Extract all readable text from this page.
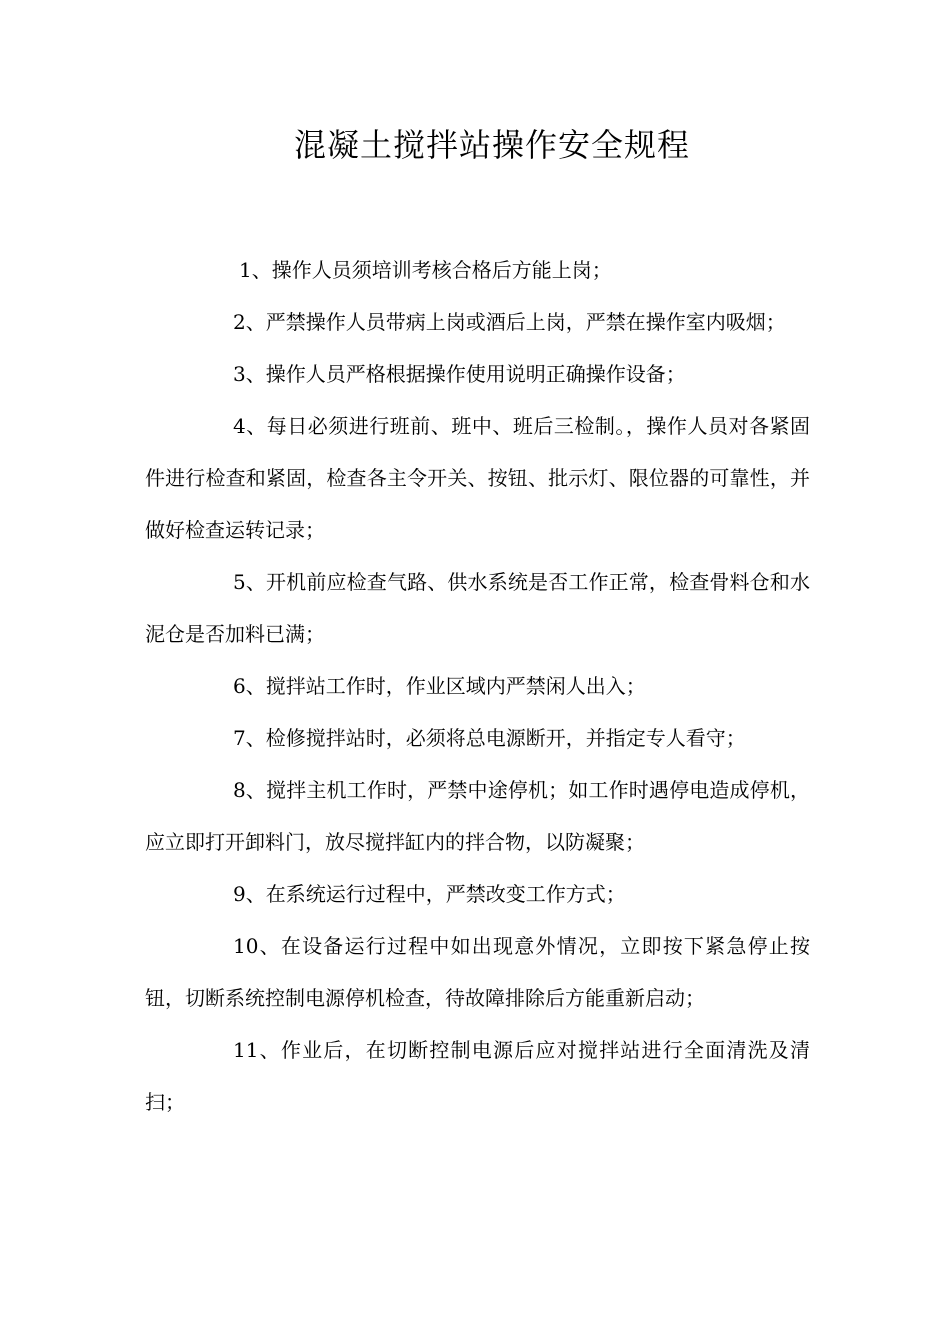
混凝土搅拌站操作安全规程

1、操作人员须培训考核合格后方能上岗；

2、严禁操作人员带病上岗或酒后上岗，严禁在操作室内吸烟；

3、操作人员严格根据操作使用说明正确操作设备；

4、每日必须进行班前、班中、班后三检制。，操作人员对各紧固件进行检查和紧固，检查各主令开关、按钮、批示灯、限位器的可靠性，并做好检查运转记录；

5、开机前应检查气路、供水系统是否工作正常，检查骨料仓和水泥仓是否加料已满；

6、搅拌站工作时，作业区域内严禁闲人出入；

7、检修搅拌站时，必须将总电源断开，并指定专人看守；

8、搅拌主机工作时，严禁中途停机；如工作时遇停电造成停机，应立即打开卸料门，放尽搅拌缸内的拌合物，以防凝聚；

9、在系统运行过程中，严禁改变工作方式；

10、在设备运行过程中如出现意外情况，立即按下紧急停止按钮，切断系统控制电源停机检查，待故障排除后方能重新启动；

11、作业后，在切断控制电源后应对搅拌站进行全面清洗及清扫；
